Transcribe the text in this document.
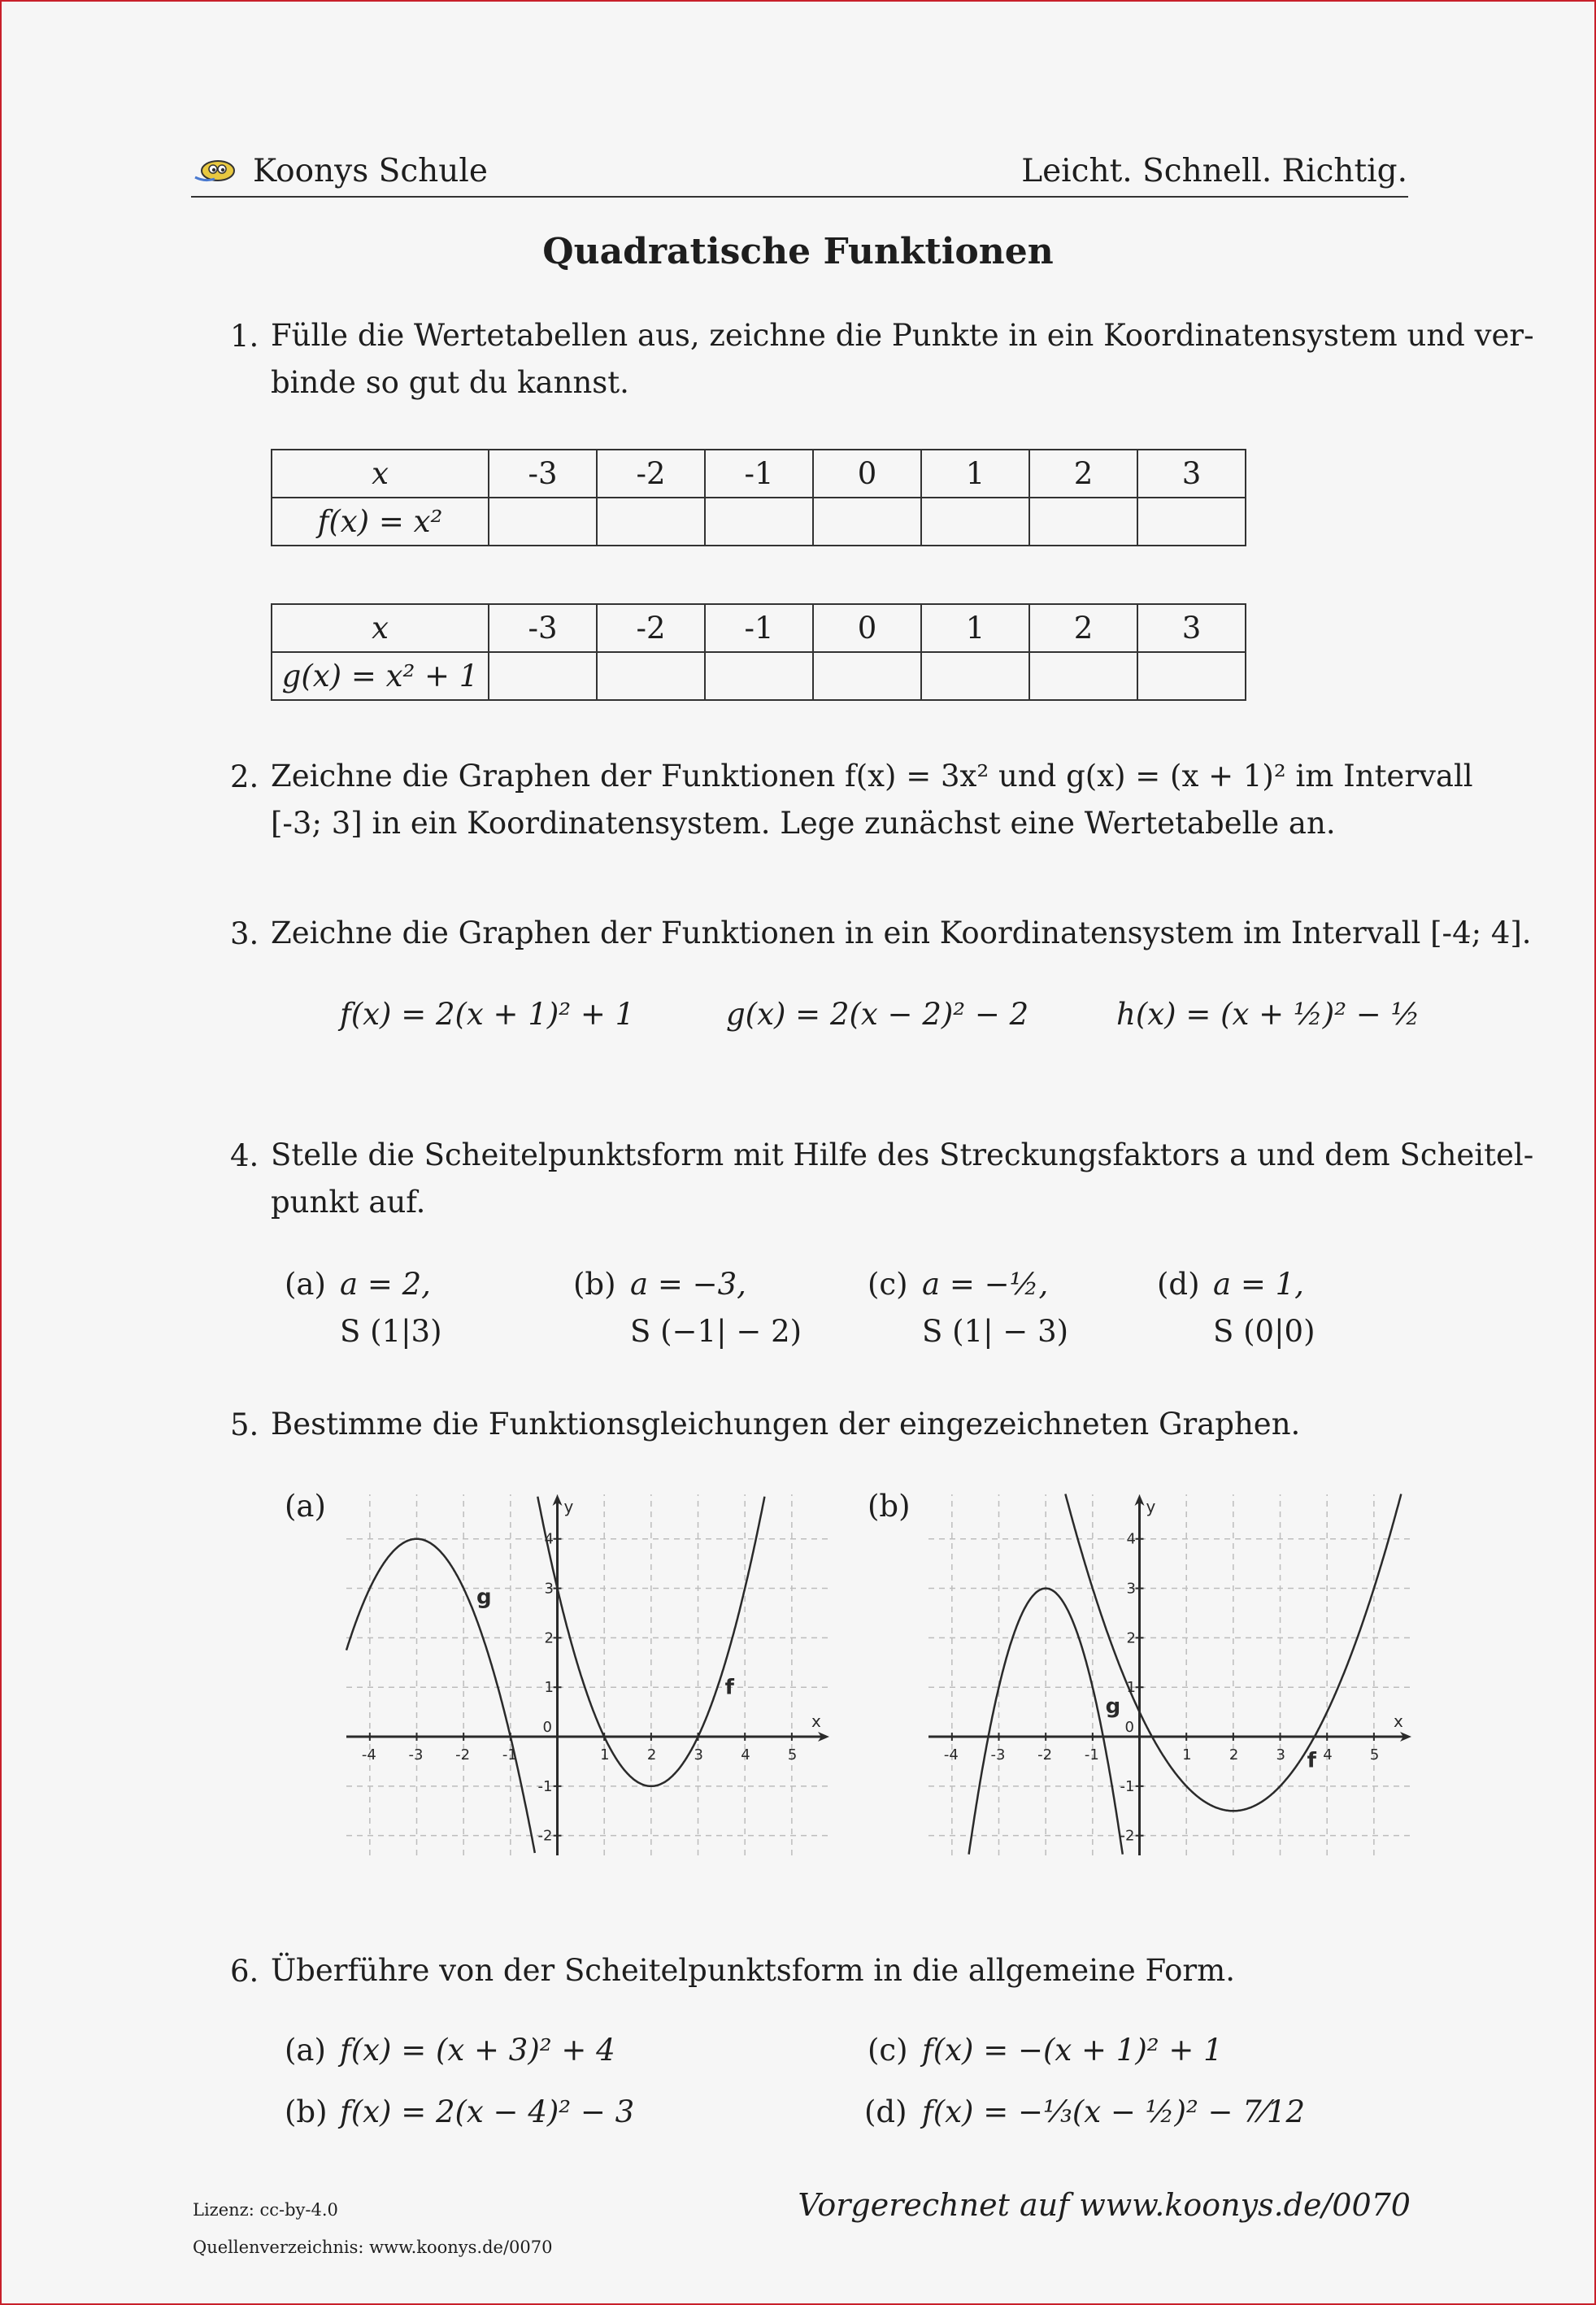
Koonys Schule	Leicht. Schnell. Richtig.
Quadratische Funktionen
1. Fülle die Wertetabellen aus, zeichne die Punkte in ein Koordinatensystem und ver-
binde so gut du kannst.
x	-3	-2	-1	0	1	2	3
f(x) = x²							
x	-3	-2	-1	0	1	2	3
g(x) = x² + 1							
2. Zeichne die Graphen der Funktionen f(x) = 3x² und g(x) = (x + 1)² im Intervall
[-3; 3] in ein Koordinatensystem. Lege zunächst eine Wertetabelle an.
3. Zeichne die Graphen der Funktionen in ein Koordinatensystem im Intervall [-4; 4].
f(x) = 2(x + 1)² + 1	g(x) = 2(x − 2)² − 2	h(x) = (x + ½)² − ½
4. Stelle die Scheitelpunktsform mit Hilfe des Streckungsfaktors a und dem Scheitel-
punkt auf.
(a) a = 2,
S (1|3)
(b) a = −3,
S (−1| − 2)
(c) a = −½,
S (1| − 3)
(d) a = 1,
S (0|0)
5. Bestimme die Funktionsgleichungen der eingezeichneten Graphen.
(a)	(b)
x
y
-4 -3 -2 -1	1	2	3	4	5
-2
-1
1
2
3
4
0
f
g
x
y
-4 -3 -2 -1	1	2	3	4	5
-2
-1
1
2
3
4
0
f
g
6. Überführe von der Scheitelpunktsform in die allgemeine Form.
(a) f(x) = (x + 3)² + 4
(b) f(x) = 2(x − 4)² − 3
(c) f(x) = −(x + 1)² + 1
(d) f(x) = −⅓(x − ½)² − 7⁄12
Lizenz: cc-by-4.0
Quellenverzeichnis: www.koonys.de/0070
Vorgerechnet auf www.koonys.de/0070
